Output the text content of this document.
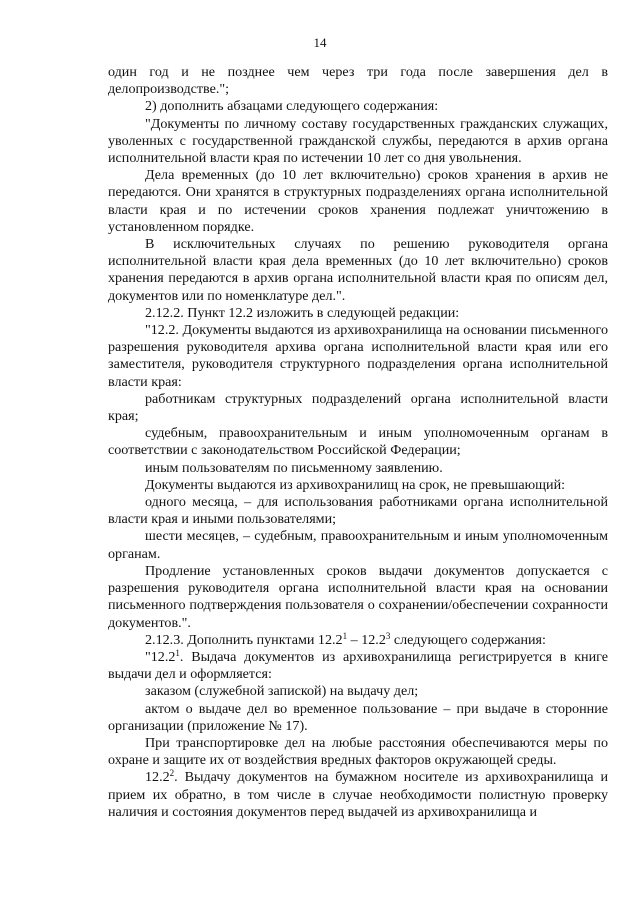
14

один год и не позднее чем через три года после завершения дел в делопроизводстве.";

2) дополнить абзацами следующего содержания:

"Документы по личному составу государственных гражданских служащих, уволенных с государственной гражданской службы, передаются в архив органа исполнительной власти края по истечении 10 лет со дня увольнения.

Дела временных (до 10 лет включительно) сроков хранения в архив не передаются. Они хранятся в структурных подразделениях органа исполнительной власти края и по истечении сроков хранения подлежат уничтожению в установленном порядке.

В исключительных случаях по решению руководителя органа исполнительной власти края дела временных (до 10 лет включительно) сроков хранения передаются в архив органа исполнительной власти края по описям дел, документов или по номенклатуре дел.".

2.12.2. Пункт 12.2 изложить в следующей редакции:

"12.2. Документы выдаются из архивохранилища на основании письменного разрешения руководителя архива органа исполнительной власти края или его заместителя, руководителя структурного подразделения органа исполнительной власти края:

работникам структурных подразделений органа исполнительной власти края;

судебным, правоохранительным и иным уполномоченным органам в соответствии с законодательством Российской Федерации;

иным пользователям по письменному заявлению.

Документы выдаются из архивохранилищ на срок, не превышающий:

одного месяца, – для использования работниками органа исполнительной власти края и иными пользователями;

шести месяцев, – судебным, правоохранительным и иным уполномоченным органам.

Продление установленных сроков выдачи документов допускается с разрешения руководителя органа исполнительной власти края на основании письменного подтверждения пользователя о сохранении/обеспечении сохранности документов.".

2.12.3. Дополнить пунктами 12.2$^1$ – 12.2$^3$ следующего содержания:

"12.2$^1$. Выдача документов из архивохранилища регистрируется в книге выдачи дел и оформляется:

заказом (служебной запиской) на выдачу дел;

актом о выдаче дел во временное пользование – при выдаче в сторонние организации (приложение № 17).

При транспортировке дел на любые расстояния обеспечиваются меры по охране и защите их от воздействия вредных факторов окружающей среды.

12.2$^2$. Выдачу документов на бумажном носителе из архивохранилища и прием их обратно, в том числе в случае необходимости полистную проверку наличия и состояния документов перед выдачей из архивохранилища и
